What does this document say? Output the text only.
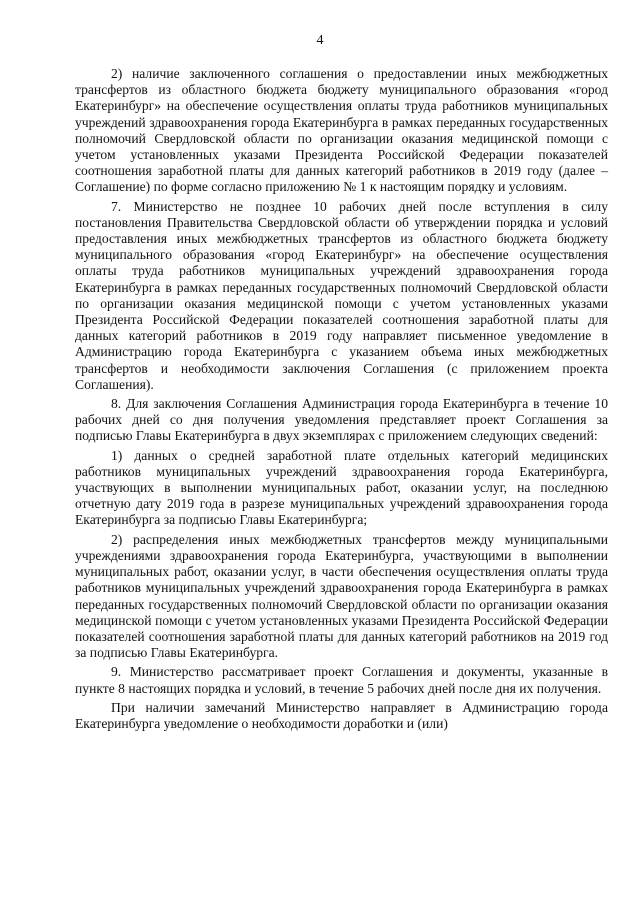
4

2) наличие заключенного соглашения о предоставлении иных межбюджетных трансфертов из областного бюджета бюджету муниципального образования «город Екатеринбург» на обеспечение осуществления оплаты труда работников муниципальных учреждений здравоохранения города Екатеринбурга в рамках переданных государственных полномочий Свердловской области по организации оказания медицинской помощи с учетом установленных указами Президента Российской Федерации показателей соотношения заработной платы для данных категорий работников в 2019 году (далее – Соглашение) по форме согласно приложению № 1 к настоящим порядку и условиям.

7. Министерство не позднее 10 рабочих дней после вступления в силу постановления Правительства Свердловской области об утверждении порядка и условий предоставления иных межбюджетных трансфертов из областного бюджета бюджету муниципального образования «город Екатеринбург» на обеспечение осуществления оплаты труда работников муниципальных учреждений здравоохранения города Екатеринбурга в рамках переданных государственных полномочий Свердловской области по организации оказания медицинской помощи с учетом установленных указами Президента Российской Федерации показателей соотношения заработной платы для данных категорий работников в 2019 году направляет письменное уведомление в Администрацию города Екатеринбурга с указанием объема иных межбюджетных трансфертов и необходимости заключения Соглашения (с приложением проекта Соглашения).

8. Для заключения Соглашения Администрация города Екатеринбурга в течение 10 рабочих дней со дня получения уведомления представляет проект Соглашения за подписью Главы Екатеринбурга в двух экземплярах с приложением следующих сведений:

1) данных о средней заработной плате отдельных категорий медицинских работников муниципальных учреждений здравоохранения города Екатеринбурга, участвующих в выполнении муниципальных работ, оказании услуг, на последнюю отчетную дату 2019 года в разрезе муниципальных учреждений здравоохранения города Екатеринбурга за подписью Главы Екатеринбурга;

2) распределения иных межбюджетных трансфертов между муниципальными учреждениями здравоохранения города Екатеринбурга, участвующими в выполнении муниципальных работ, оказании услуг, в части обеспечения осуществления оплаты труда работников муниципальных учреждений здравоохранения города Екатеринбурга в рамках переданных государственных полномочий Свердловской области по организации оказания медицинской помощи с учетом установленных указами Президента Российской Федерации показателей соотношения заработной платы для данных категорий работников на 2019 год за подписью Главы Екатеринбурга.

9. Министерство рассматривает проект Соглашения и документы, указанные в пункте 8 настоящих порядка и условий, в течение 5 рабочих дней после дня их получения.

При наличии замечаний Министерство направляет в Администрацию города Екатеринбурга уведомление о необходимости доработки и (или)
